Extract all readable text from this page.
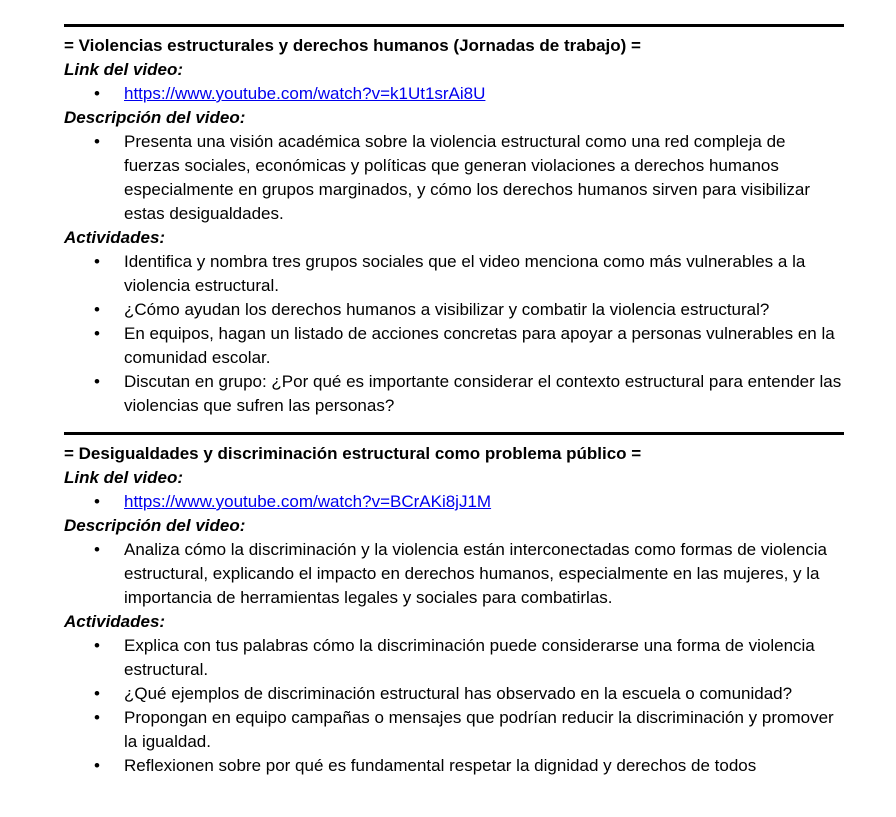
= Violencias estructurales y derechos humanos (Jornadas de trabajo) =
Link del video:
• https://www.youtube.com/watch?v=k1Ut1srAi8U
Descripción del video:
• Presenta una visión académica sobre la violencia estructural como una red compleja de fuerzas sociales, económicas y políticas que generan violaciones a derechos humanos especialmente en grupos marginados, y cómo los derechos humanos sirven para visibilizar estas desigualdades.
Actividades:
• Identifica y nombra tres grupos sociales que el video menciona como más vulnerables a la violencia estructural.
• ¿Cómo ayudan los derechos humanos a visibilizar y combatir la violencia estructural?
• En equipos, hagan un listado de acciones concretas para apoyar a personas vulnerables en la comunidad escolar.
• Discutan en grupo: ¿Por qué es importante considerar el contexto estructural para entender las violencias que sufren las personas?
= Desigualdades y discriminación estructural como problema público =
Link del video:
• https://www.youtube.com/watch?v=BCrAKi8jJ1M
Descripción del video:
• Analiza cómo la discriminación y la violencia están interconectadas como formas de violencia estructural, explicando el impacto en derechos humanos, especialmente en las mujeres, y la importancia de herramientas legales y sociales para combatirlas.
Actividades:
• Explica con tus palabras cómo la discriminación puede considerarse una forma de violencia estructural.
• ¿Qué ejemplos de discriminación estructural has observado en la escuela o comunidad?
• Propongan en equipo campañas o mensajes que podrían reducir la discriminación y promover la igualdad.
• Reflexionen sobre por qué es fundamental respetar la dignidad y derechos de todos
